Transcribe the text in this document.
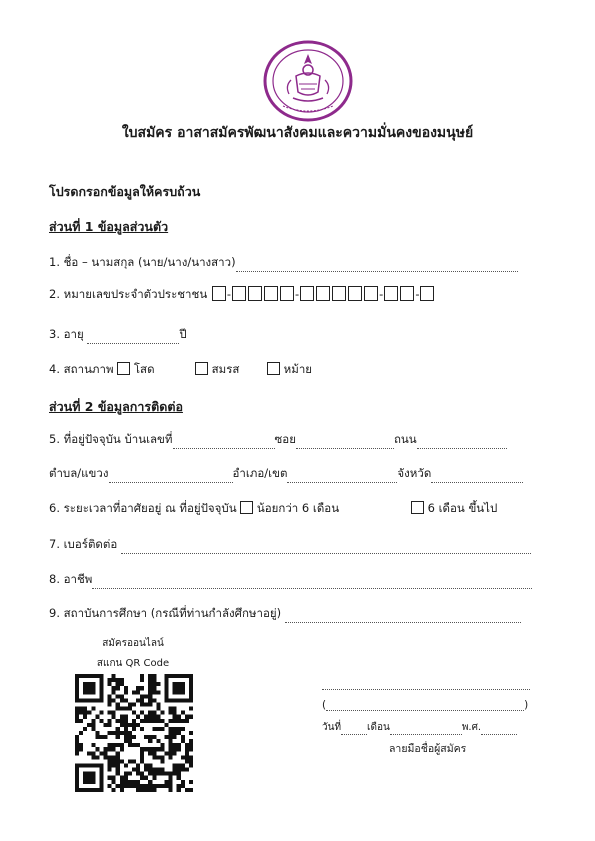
ใบสมัคร อาสาสมัครพัฒนาสังคมและความมั่นคงของมนุษย์
โปรดกรอกข้อมูลให้ครบถ้วน
ส่วนที่ 1 ข้อมูลส่วนตัว
1. ชื่อ – นามสกุล (นาย/นาง/นางสาว)
2. หมายเลขประจำตัวประชาชน -	-	-	-
3. อายุ	ปี
4. สถานภาพ โสด	สมรส	หม้าย
ส่วนที่ 2 ข้อมูลการติดต่อ
5. ที่อยู่ปัจจุบัน บ้านเลขที่	ซอย	ถนน
ตำบล/แขวง	อำเภอ/เขต	จังหวัด
6. ระยะเวลาที่อาศัยอยู่ ณ ที่อยู่ปัจจุบัน น้อยกว่า 6 เดือน	6 เดือน ขึ้นไป
7. เบอร์ติดต่อ
8. อาชีพ
9. สถาบันการศึกษา (กรณีที่ท่านกำลังศึกษาอยู่)
สมัครออนไลน์
สแกน QR Code
(	)
วันที่	เดือน	พ.ศ.
ลายมือชื่อผู้สมัคร
